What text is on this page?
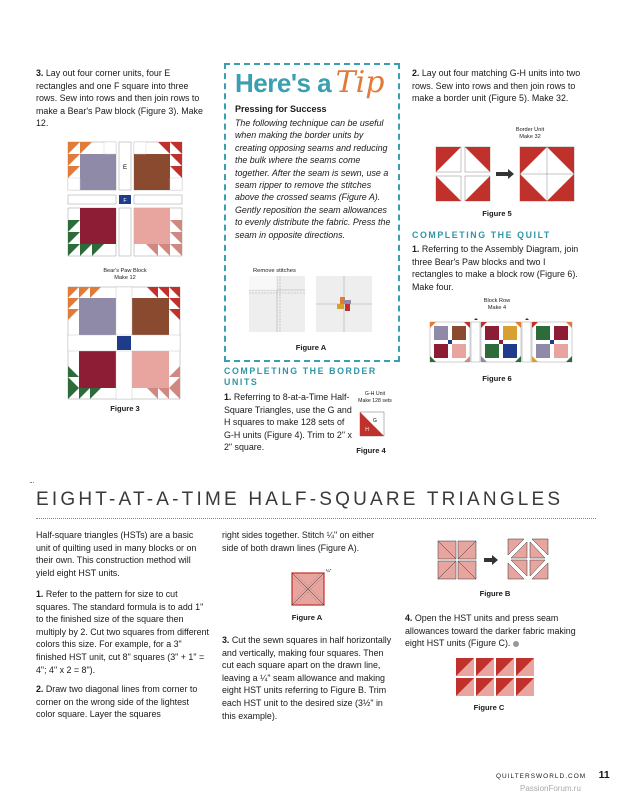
3. Lay out four corner units, four E rectangles and one F square into three rows. Sew into rows and then join rows to make a Bear's Paw block (Figure 3). Make 12.
E
F
Bear's Paw Block
Make 12
Figure 3
Here's a Tip
Pressing for Success
The following technique can be useful when making the border units by creating opposing seams and reducing the bulk where the seams come together. After the seam is sewn, use a seam ripper to remove the stitches above the crossed seams (Figure A). Gently reposition the seam allowances to evenly distribute the fabric. Press the seam in opposite directions.
Remove stitches
Figure A
COMPLETING THE BORDER UNITS
1. Referring to 8-at-a-Time Half-Square Triangles, use the G and H squares to make 128 sets of G-H units (Figure 4). Trim to 2" x 2" square.
G-H Unit
Make 128 sets
G
H
Figure 4
2. Lay out four matching G-H units into two rows. Sew into rows and then join rows to make a border unit (Figure 5). Make 32.
Border Unit
Make 32
Figure 5
COMPLETING THE QUILT
1. Referring to the Assembly Diagram, join three Bear's Paw blocks and two I rectangles to make a block row (Figure 6). Make four.
Block Row
Make 4
Figure 6
EIGHT-AT-A-TIME HALF-SQUARE TRIANGLES
Half-square triangles (HSTs) are a basic unit of quilting used in many blocks or on their own. This construction method will yield eight HST units.
1. Refer to the pattern for size to cut squares. The standard formula is to add 1" to the finished size of the square then multiply by 2. Cut two squares from different colors this size. For example, for a 3" finished HST unit, cut 8" squares (3" + 1" = 4"; 4" x 2 = 8").
2. Draw two diagonal lines from corner to corner on the wrong side of the lightest color square. Layer the squares
right sides together. Stitch ¼" on either side of both drawn lines (Figure A).
¼"
Figure A
3. Cut the sewn squares in half horizontally and vertically, making four squares. Then cut each square apart on the drawn line, leaving a ¼" seam allowance and making eight HST units referring to Figure B. Trim each HST unit to the desired size (3½" in this example).
Figure B
4. Open the HST units and press seam allowances toward the darker fabric making eight HST units (Figure C).
Figure C
QUILTERSWORLD.COM 11
PassionForum.ru
